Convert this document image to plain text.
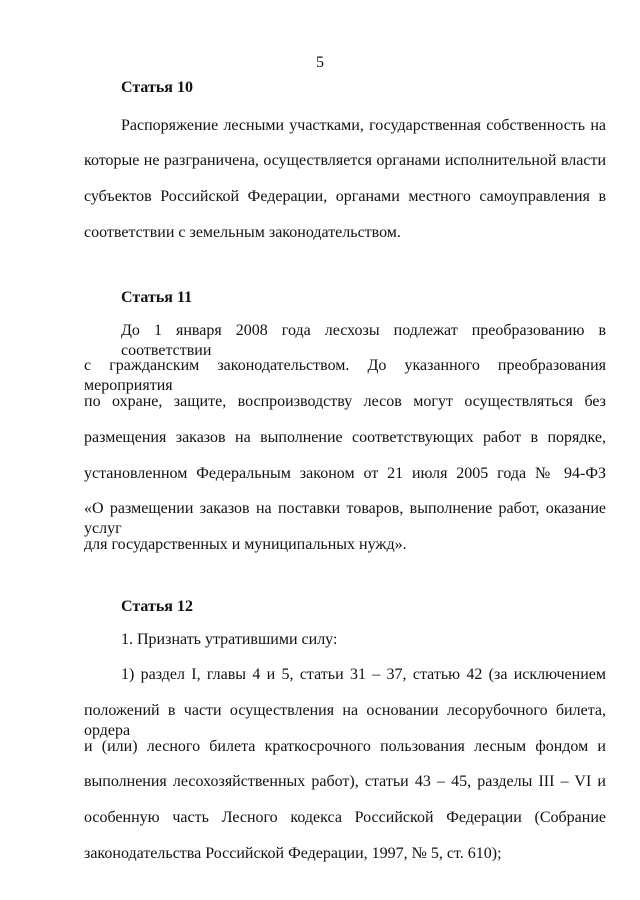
5
Статья 10
Распоряжение лесными участками, государственная собственность на
которые не разграничена, осуществляется органами исполнительной власти
субъектов Российской Федерации, органами местного самоуправления в
соответствии с земельным законодательством.
Статья 11
До 1 января 2008 года лесхозы подлежат преобразованию в соответствии
с гражданским законодательством. До указанного преобразования мероприятия
по охране, защите, воспроизводству лесов могут осуществляться без
размещения заказов на выполнение соответствующих работ в порядке,
установленном Федеральным законом от 21 июля 2005 года № 94-ФЗ
«О размещении заказов на поставки товаров, выполнение работ, оказание услуг
для государственных и муниципальных нужд».
Статья 12
1. Признать утратившими силу:
1) раздел I, главы 4 и 5, статьи 31 – 37, статью 42 (за исключением
положений в части осуществления на основании лесорубочного билета, ордера
и (или) лесного билета краткосрочного пользования лесным фондом и
выполнения лесохозяйственных работ), статьи 43 – 45, разделы III – VI и
особенную часть Лесного кодекса Российской Федерации (Собрание
законодательства Российской Федерации, 1997, № 5, ст. 610);
